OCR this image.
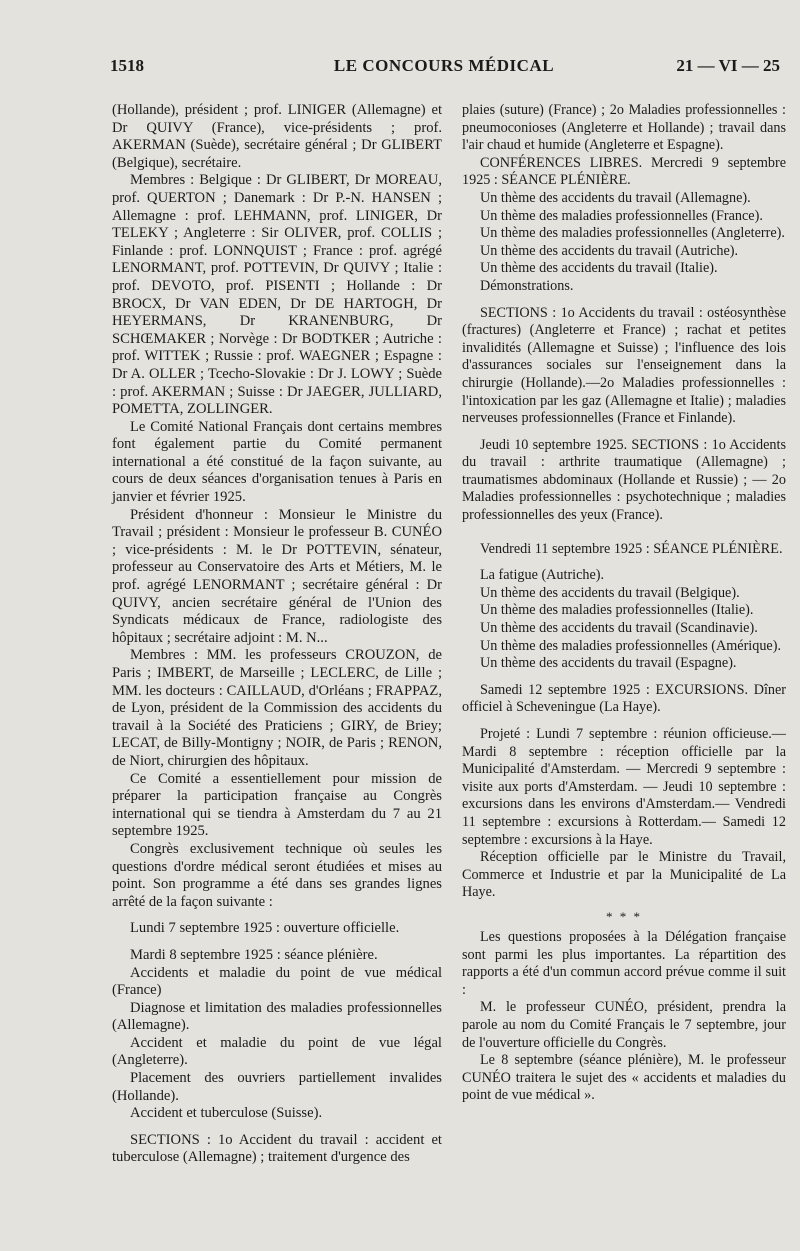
1518	LE CONCOURS MÉDICAL	21 — VI — 25

(Hollande), président ; prof. LINIGER (Allemagne) et Dr QUIVY (France), vice-présidents ; prof. AKERMAN (Suède), secrétaire général ; Dr GLIBERT (Belgique), secrétaire.

Membres : Belgique : Dr GLIBERT, Dr MOREAU, prof. QUERTON ; Danemark : Dr P.-N. HANSEN ; Allemagne : prof. LEHMANN, prof. LINIGER, Dr TELEKY ; Angleterre : Sir OLIVER, prof. COLLIS ; Finlande : prof. LONNQUIST ; France : prof. agrégé LENORMANT, prof. POTTEVIN, Dr QUIVY ; Italie : prof. DEVOTO, prof. PISENTI ; Hollande : Dr BROCX, Dr VAN EDEN, Dr DE HARTOGH, Dr HEYERMANS, Dr KRANENBURG, Dr SCHŒMAKER ; Norvège : Dr BODTKER ; Autriche : prof. WITTEK ; Russie : prof. WAEGNER ; Espagne : Dr A. OLLER ; Tcecho-Slovakie : Dr J. LOWY ; Suède : prof. AKERMAN ; Suisse : Dr JAEGER, JULLIARD, POMETTA, ZOLLINGER.

Le Comité National Français dont certains membres font également partie du Comité permanent international a été constitué de la façon suivante, au cours de deux séances d'organisation tenues à Paris en janvier et février 1925.

Président d'honneur : Monsieur le Ministre du Travail ; président : Monsieur le professeur B. CUNÉO ; vice-présidents : M. le Dr POTTEVIN, sénateur, professeur au Conservatoire des Arts et Métiers, M. le prof. agrégé LENORMANT ; secrétaire général : Dr QUIVY, ancien secrétaire général de l'Union des Syndicats médicaux de France, radiologiste des hôpitaux ; secrétaire adjoint : M. N...

Membres : MM. les professeurs CROUZON, de Paris ; IMBERT, de Marseille ; LECLERC, de Lille ; MM. les docteurs : CAILLAUD, d'Orléans ; FRAPPAZ, de Lyon, président de la Commission des accidents du travail à la Société des Praticiens ; GIRY, de Briey; LECAT, de Billy-Montigny ; NOIR, de Paris ; RENON, de Niort, chirurgien des hôpitaux.

Ce Comité a essentiellement pour mission de préparer la participation française au Congrès international qui se tiendra à Amsterdam du 7 au 21 septembre 1925.

Congrès exclusivement technique où seules les questions d'ordre médical seront étudiées et mises au point. Son programme a été dans ses grandes lignes arrêté de la façon suivante :

Lundi 7 septembre 1925 : ouverture officielle.

Mardi 8 septembre 1925 : séance plénière.

Accidents et maladie du point de vue médical (France)

Diagnose et limitation des maladies professionnelles (Allemagne).

Accident et maladie du point de vue légal (Angleterre).

Placement des ouvriers partiellement invalides (Hollande).

Accident et tuberculose (Suisse).

SECTIONS : 1o Accident du travail : accident et tuberculose (Allemagne) ; traitement d'urgence des

plaies (suture) (France) ; 2o Maladies professionnelles : pneumoconioses (Angleterre et Hollande) ; travail dans l'air chaud et humide (Angleterre et Espagne).

CONFÉRENCES LIBRES. Mercredi 9 septembre 1925 : SÉANCE PLÉNIÈRE.

Un thème des accidents du travail (Allemagne).

Un thème des maladies professionnelles (France).

Un thème des maladies professionnelles (Angleterre).

Un thème des accidents du travail (Autriche).

Un thème des accidents du travail (Italie).

Démonstrations.

SECTIONS : 1o Accidents du travail : ostéosynthèse (fractures) (Angleterre et France) ; rachat et petites invalidités (Allemagne et Suisse) ; l'influence des lois d'assurances sociales sur l'enseignement dans la chirurgie (Hollande).—2o Maladies professionnelles : l'intoxication par les gaz (Allemagne et Italie) ; maladies nerveuses professionnelles (France et Finlande).

Jeudi 10 septembre 1925. SECTIONS : 1o Accidents du travail : arthrite traumatique (Allemagne) ; traumatismes abdominaux (Hollande et Russie) ; — 2o Maladies professionnelles : psychotechnique ; maladies professionnelles des yeux (France).

Vendredi 11 septembre 1925 : SÉANCE PLÉNIÈRE.

La fatigue (Autriche).

Un thème des accidents du travail (Belgique).

Un thème des maladies professionnelles (Italie).

Un thème des accidents du travail (Scandinavie).

Un thème des maladies professionnelles (Amérique).

Un thème des accidents du travail (Espagne).

Samedi 12 septembre 1925 : EXCURSIONS. Dîner officiel à Scheveningue (La Haye).

Projeté : Lundi 7 septembre : réunion officieuse.— Mardi 8 septembre : réception officielle par la Municipalité d'Amsterdam. — Mercredi 9 septembre : visite aux ports d'Amsterdam. — Jeudi 10 septembre : excursions dans les environs d'Amsterdam.— Vendredi 11 septembre : excursions à Rotterdam.— Samedi 12 septembre : excursions à la Haye.

Réception officielle par le Ministre du Travail, Commerce et Industrie et par la Municipalité de La Haye.

* * *

Les questions proposées à la Délégation française sont parmi les plus importantes. La répartition des rapports a été d'un commun accord prévue comme il suit :

M. le professeur CUNÉO, président, prendra la parole au nom du Comité Français le 7 septembre, jour de l'ouverture officielle du Congrès.

Le 8 septembre (séance plénière), M. le professeur CUNÉO traitera le sujet des « accidents et maladies du point de vue médical ».
